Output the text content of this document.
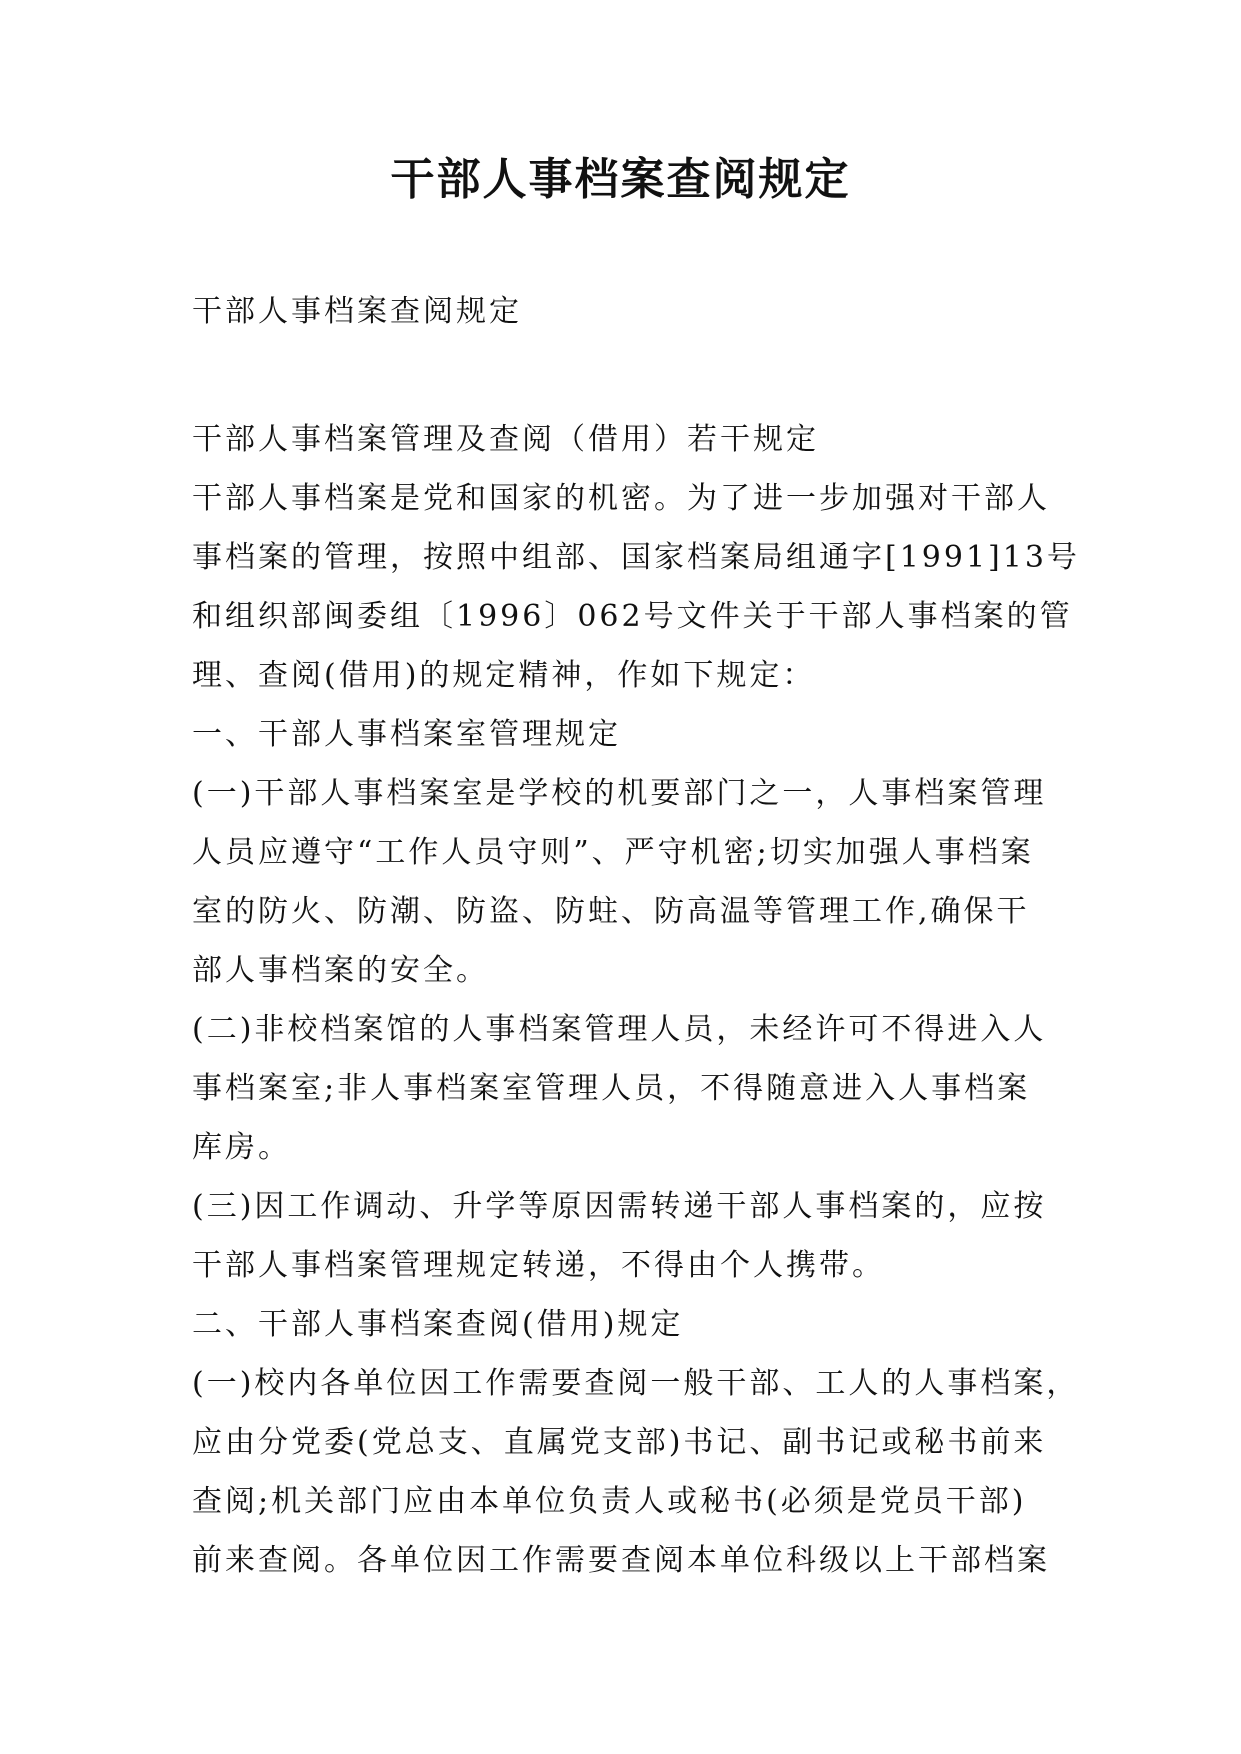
干部人事档案查阅规定

干部人事档案查阅规定

干部人事档案管理及查阅（借用）若干规定
干部人事档案是党和国家的机密。为了进一步加强对干部人
事档案的管理，按照中组部、国家档案局组通字[1991]13号
和组织部闽委组〔1996〕062号文件关于干部人事档案的管
理、查阅(借用)的规定精神，作如下规定：
一、干部人事档案室管理规定
(一)干部人事档案室是学校的机要部门之一，人事档案管理
人员应遵守“工作人员守则”、严守机密;切实加强人事档案
室的防火、防潮、防盗、防蛀、防高温等管理工作,确保干
部人事档案的安全。
(二)非校档案馆的人事档案管理人员，未经许可不得进入人
事档案室;非人事档案室管理人员，不得随意进入人事档案
库房。
(三)因工作调动、升学等原因需转递干部人事档案的，应按
干部人事档案管理规定转递，不得由个人携带。
二、干部人事档案查阅(借用)规定
(一)校内各单位因工作需要查阅一般干部、工人的人事档案，
应由分党委(党总支、直属党支部)书记、副书记或秘书前来
查阅;机关部门应由本单位负责人或秘书(必须是党员干部)
前来查阅。各单位因工作需要查阅本单位科级以上干部档案
